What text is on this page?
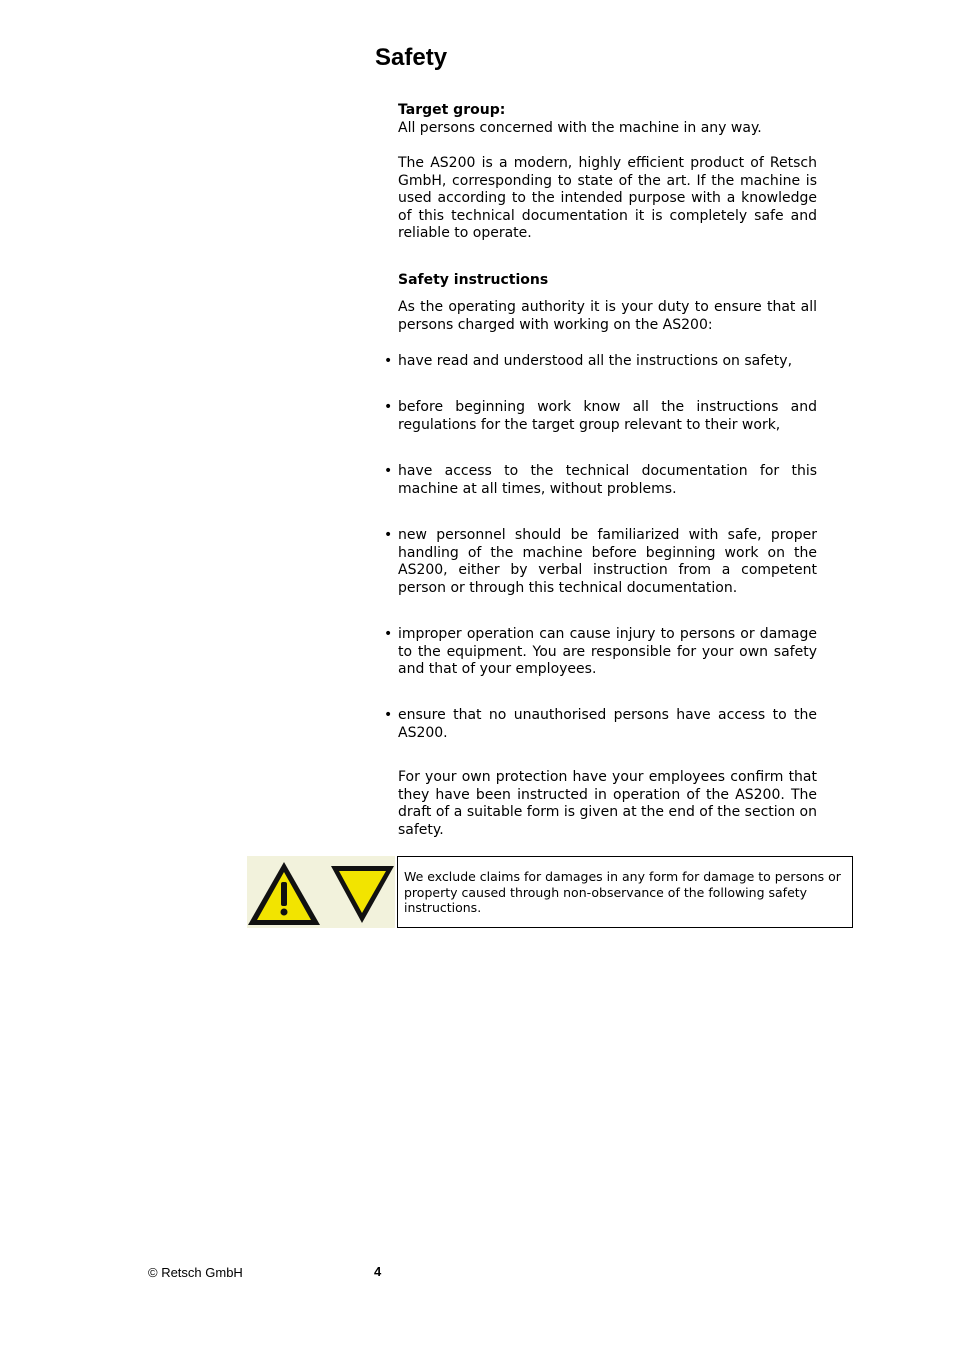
Safety
Target group:
All persons concerned with the machine in any way.
The AS200 is a modern, highly efficient product of Retsch GmbH, corresponding to state of the art. If the machine is used according to the intended purpose with a knowledge of this technical documentation it is completely safe and reliable to operate.
Safety instructions
As the operating authority it is your duty to ensure that all persons charged with working on the AS200:
• have read and understood all the instructions on safety,
• before beginning work know all the instructions and regulations for the target group relevant to their work,
• have access to the technical documentation for this machine at all times, without problems.
• new personnel should be familiarized with safe, proper handling of the machine before beginning work on the AS200, either by verbal instruction from a competent person or through this technical documentation.
• improper operation can cause injury to persons or damage to the equipment. You are responsible for your own safety and that of your employees.
• ensure that no unauthorised persons have access to the AS200.
For your own protection have your employees confirm that they have been instructed in operation of the AS200. The draft of a suitable form is given at the end of the section on safety.
We exclude claims for damages in any form for damage to persons or property caused through non-observance of the following safety instructions.
© Retsch GmbH	4
